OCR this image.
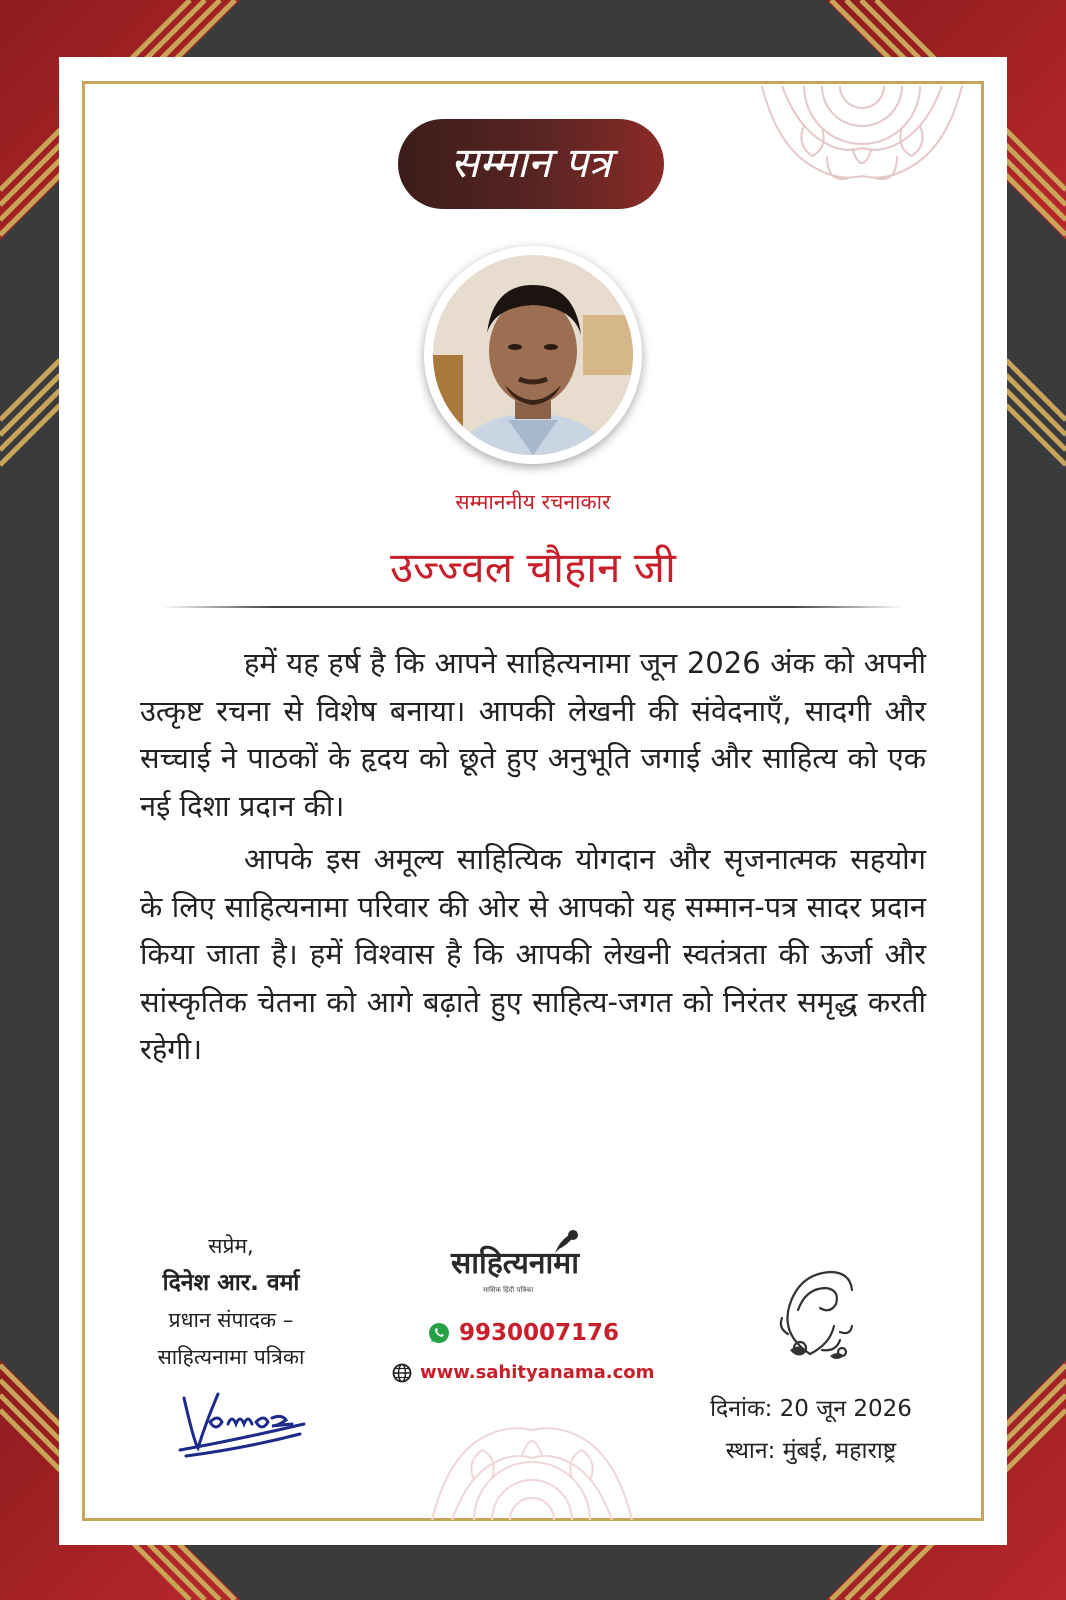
सम्मान पत्र
सम्माननीय रचनाकार
उज्ज्वल चौहान जी

हमें यह हर्ष है कि आपने साहित्यनामा जून 2026 अंक को अपनी उत्कृष्ट रचना से विशेष बनाया। आपकी लेखनी की संवेदनाएँ, सादगी और सच्चाई ने पाठकों के हृदय को छूते हुए अनुभूति जगाई और साहित्य को एक नई दिशा प्रदान की।

आपके इस अमूल्य साहित्यिक योगदान और सृजनात्मक सहयोग के लिए साहित्यनामा परिवार की ओर से आपको यह सम्मान-पत्र सादर प्रदान किया जाता है। हमें विश्वास है कि आपकी लेखनी स्वतंत्रता की ऊर्जा और सांस्कृतिक चेतना को आगे बढ़ाते हुए साहित्य-जगत को निरंतर समृद्ध करती रहेगी।

सप्रेम,
दिनेश आर. वर्मा
प्रधान संपादक –
साहित्यनामा पत्रिका
साहित्यनामा
मासिक हिंदी पत्रिका
9930007176
www.sahityanama.com
दिनांक: 20 जून 2026
स्थान: मुंबई, महाराष्ट्र
